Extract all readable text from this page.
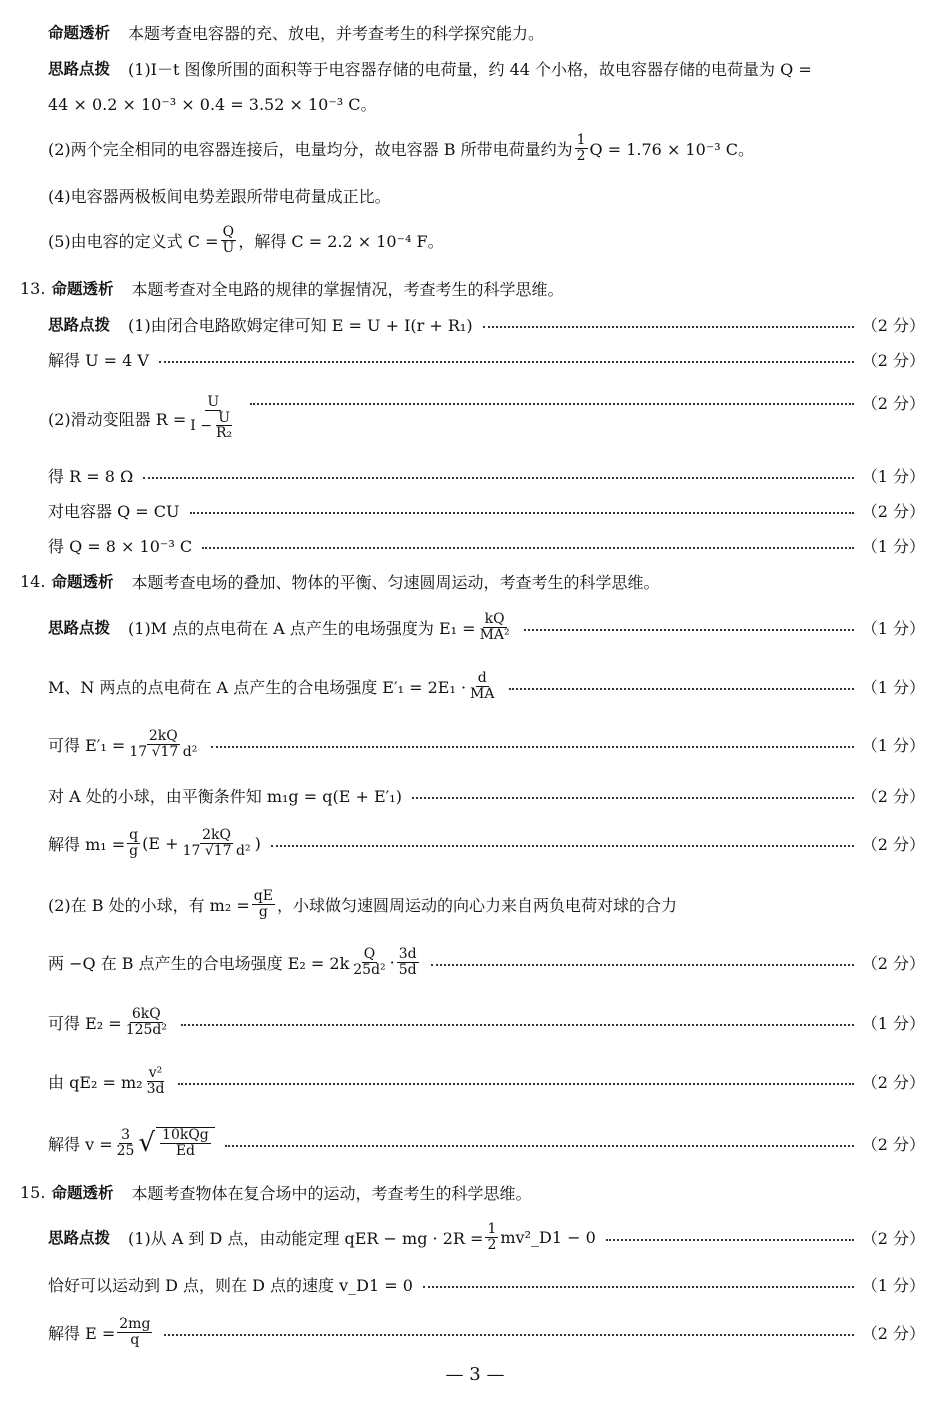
命题透析 本题考查电容器的充、放电，并考查考生的科学探究能力。
思路点拨 (1)I－t 图像所围的面积等于电容器存储的电荷量，约 44 个小格，故电容器存储的电荷量为 Q =
44 × 0.2 × 10⁻³ × 0.4 = 3.52 × 10⁻³ C。
(2)两个完全相同的电容器连接后，电量均分，故电容器 B 所带电荷量约为 $\frac{1}{2}$ Q = 1.76 × 10⁻³ C。
(4)电容器两极板间电势差跟所带电荷量成正比。
(5)由电容的定义式 $C = \frac{Q}{U}$ ，解得 C = 2.2 × 10⁻⁴ F。
13. 命题透析 本题考查对全电路的规律的掌握情况，考查考生的科学思维。
思路点拨 (1)由闭合电路欧姆定律可知 E = U + I(r + R₁)	（2 分）
解得 U = 4 V	（2 分）
(2)滑动变阻器 $R = \frac{U}{I - \frac{U}{\text{R₂}}}$	（2 分）
得 R = 8 Ω	（1 分）
对电容器 Q = CU	（2 分）
得 Q = 8 × 10⁻³ C	（1 分）
14. 命题透析 本题考查电场的叠加、物体的平衡、匀速圆周运动，考查考生的科学思维。
思路点拨 (1)M 点的点电荷在 A 点产生的电场强度为 $E_1 = \frac{kQ}{\text{MA²}}$	（1 分）
M、N 两点的点电荷在 A 点产生的合电场强度 $E'_1 = 2E_1 \cdot \frac{d}{MA}$	（1 分）
可得 $E'_1 = \frac{2kQ}{\text{17 √17 d²}}$	（1 分）
对 A 处的小球，由平衡条件知 m₁g = q(E + E′₁)	（2 分）
解得 $m_1 = \frac{q}{g} (E + \frac{2kQ}{\text{17 √17 d²}}$ )	（2 分）
(2)在 B 处的小球，有 $m_2 = \frac{qE}{g}$ ，小球做匀速圆周运动的向心力来自两负电荷对球的合力
两 −Q 在 B 点产生的合电场强度 $E_2 = 2k \frac{Q}{\text{25d²}} \cdot \frac{3d}{5d}$	（2 分）
可得 $E_2 = \frac{6kQ}{\text{125d²}}$	（1 分）
由 $qE_2 = m_2 \frac{\text{v²}}{3d}$	（2 分）
解得 $v = \frac{3}{25}$ √ $\frac{\text{10kQg}}{Ed}$	（2 分）
15. 命题透析 本题考查物体在复合场中的运动，考查考生的科学思维。
思路点拨 (1)从 A 到 D 点，由动能定理 qER − mg · $2R = \frac{1}{2}$ mv²_D1 − 0	（2 分）
恰好可以运动到 D 点，则在 D 点的速度 v_D1 = 0	（1 分）
解得 $E = \frac{2mg}{q}$	（2 分）
— 3 —
